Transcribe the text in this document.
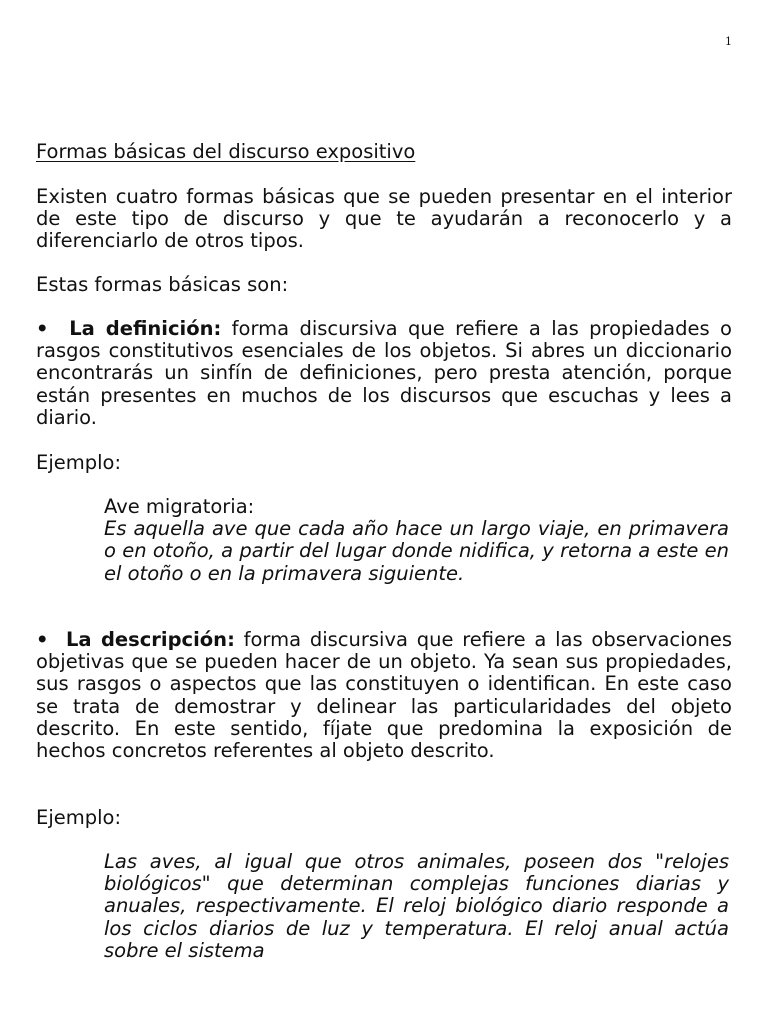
1

Formas básicas del discurso expositivo

Existen cuatro formas básicas que se pueden presentar en el interior de este tipo de discurso y que te ayudarán a reconocerlo y a diferenciarlo de otros tipos.

Estas formas básicas son:

• La definición: forma discursiva que refiere a las propiedades o rasgos constitutivos esenciales de los objetos. Si abres un diccionario encontrarás un sinfín de definiciones, pero presta atención, porque están presentes en muchos de los discursos que escuchas y lees a diario.

Ejemplo:

Ave migratoria:
Es aquella ave que cada año hace un largo viaje, en primavera o en otoño, a partir del lugar donde nidifica, y retorna a este en el otoño o en la primavera siguiente.

• La descripción: forma discursiva que refiere a las observaciones objetivas que se pueden hacer de un objeto. Ya sean sus propiedades, sus rasgos o aspectos que las constituyen o identifican. En este caso se trata de demostrar y delinear las particularidades del objeto descrito. En este sentido, fíjate que predomina la exposición de hechos concretos referentes al objeto descrito.

Ejemplo:

Las aves, al igual que otros animales, poseen dos "relojes biológicos" que determinan complejas funciones diarias y anuales, respectivamente. El reloj biológico diario responde a los ciclos diarios de luz y temperatura. El reloj anual actúa sobre el sistema
